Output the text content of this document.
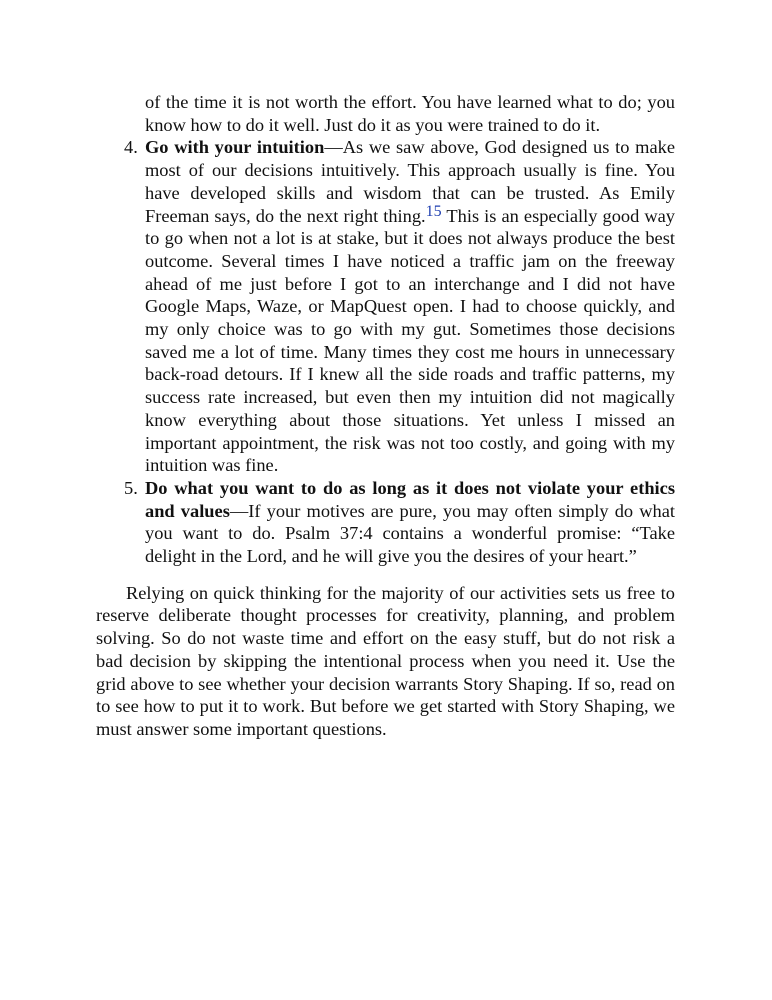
of the time it is not worth the effort. You have learned what to do; you know how to do it well. Just do it as you were trained to do it.
4. Go with your intuition—As we saw above, God designed us to make most of our decisions intuitively. This approach usually is fine. You have developed skills and wisdom that can be trusted. As Emily Freeman says, do the next right thing.15 This is an especially good way to go when not a lot is at stake, but it does not always produce the best outcome. Several times I have noticed a traffic jam on the freeway ahead of me just before I got to an interchange and I did not have Google Maps, Waze, or MapQuest open. I had to choose quickly, and my only choice was to go with my gut. Sometimes those decisions saved me a lot of time. Many times they cost me hours in unnecessary back-road detours. If I knew all the side roads and traffic patterns, my success rate increased, but even then my intuition did not magically know everything about those situations. Yet unless I missed an important appointment, the risk was not too costly, and going with my intuition was fine.
5. Do what you want to do as long as it does not violate your ethics and values—If your motives are pure, you may often simply do what you want to do. Psalm 37:4 contains a wonderful promise: “Take delight in the Lord, and he will give you the desires of your heart.”

Relying on quick thinking for the majority of our activities sets us free to reserve deliberate thought processes for creativity, planning, and problem solving. So do not waste time and effort on the easy stuff, but do not risk a bad decision by skipping the intentional process when you need it. Use the grid above to see whether your decision warrants Story Shaping. If so, read on to see how to put it to work. But before we get started with Story Shaping, we must answer some important questions.
